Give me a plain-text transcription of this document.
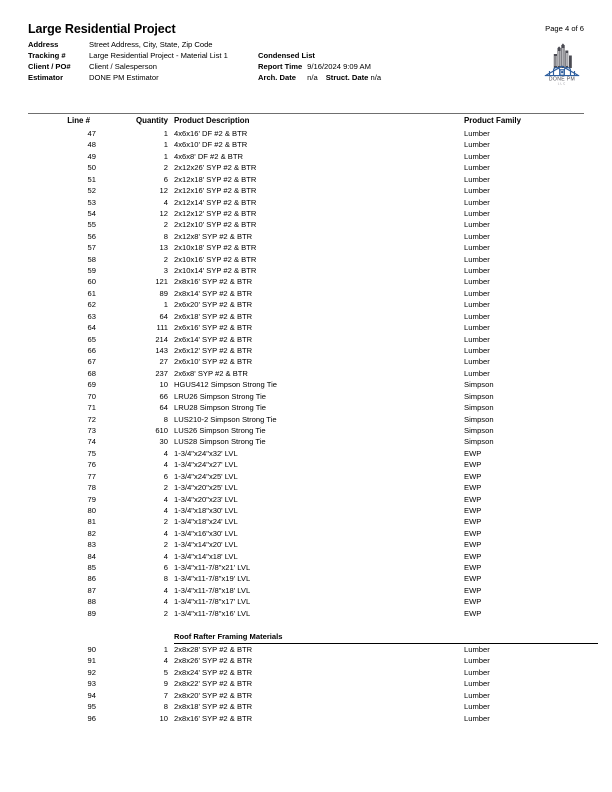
Large Residential Project
Address	Street Address, City, State, Zip Code		
Tracking #	Large Residential Project - Material List 1	Condensed List	
Client / PO#	Client / Salesperson	Report Time	9/16/2024 9:09 AM
Estimator	DONE PM Estimator	Arch. Date	n/a Struct. Date n/a
Page 4 of 6
DONE PM
LLC
Line #	Quantity	Product Description	Product Family
47	1	4x6x16' DF #2 & BTR	Lumber
48	1	4x6x10' DF #2 & BTR	Lumber
49	1	4x6x8' DF #2 & BTR	Lumber
50	2	2x12x26' SYP #2 & BTR	Lumber
51	6	2x12x18' SYP #2 & BTR	Lumber
52	12	2x12x16' SYP #2 & BTR	Lumber
53	4	2x12x14' SYP #2 & BTR	Lumber
54	12	2x12x12' SYP #2 & BTR	Lumber
55	2	2x12x10' SYP #2 & BTR	Lumber
56	8	2x12x8' SYP #2 & BTR	Lumber
57	13	2x10x18' SYP #2 & BTR	Lumber
58	2	2x10x16' SYP #2 & BTR	Lumber
59	3	2x10x14' SYP #2 & BTR	Lumber
60	121	2x8x16' SYP #2 & BTR	Lumber
61	89	2x8x14' SYP #2 & BTR	Lumber
62	1	2x6x20' SYP #2 & BTR	Lumber
63	64	2x6x18' SYP #2 & BTR	Lumber
64	111	2x6x16' SYP #2 & BTR	Lumber
65	214	2x6x14' SYP #2 & BTR	Lumber
66	143	2x6x12' SYP #2 & BTR	Lumber
67	27	2x6x10' SYP #2 & BTR	Lumber
68	237	2x6x8' SYP #2 & BTR	Lumber
69	10	HGUS412 Simpson Strong Tie	Simpson
70	66	LRU26 Simpson Strong Tie	Simpson
71	64	LRU28 Simpson Strong Tie	Simpson
72	8	LUS210-2 Simpson Strong Tie	Simpson
73	610	LUS26 Simpson Strong Tie	Simpson
74	30	LUS28 Simpson Strong Tie	Simpson
75	4	1-3/4"x24"x32' LVL	EWP
76	4	1-3/4"x24"x27' LVL	EWP
77	6	1-3/4"x24"x25' LVL	EWP
78	2	1-3/4"x20"x25' LVL	EWP
79	4	1-3/4"x20"x23' LVL	EWP
80	4	1-3/4"x18"x30' LVL	EWP
81	2	1-3/4"x18"x24' LVL	EWP
82	4	1-3/4"x16"x30' LVL	EWP
83	2	1-3/4"x14"x20' LVL	EWP
84	4	1-3/4"x14"x18' LVL	EWP
85	6	1-3/4"x11-7/8"x21' LVL	EWP
86	8	1-3/4"x11-7/8"x19' LVL	EWP
87	4	1-3/4"x11-7/8"x18' LVL	EWP
88	4	1-3/4"x11-7/8"x17' LVL	EWP
89	2	1-3/4"x11-7/8"x16' LVL	EWP

		Roof Rafter Framing Materials	

90	1	2x8x28' SYP #2 & BTR	Lumber
91	4	2x8x26' SYP #2 & BTR	Lumber
92	5	2x8x24' SYP #2 & BTR	Lumber
93	9	2x8x22' SYP #2 & BTR	Lumber
94	7	2x8x20' SYP #2 & BTR	Lumber
95	8	2x8x18' SYP #2 & BTR	Lumber
96	10	2x8x16' SYP #2 & BTR	Lumber
